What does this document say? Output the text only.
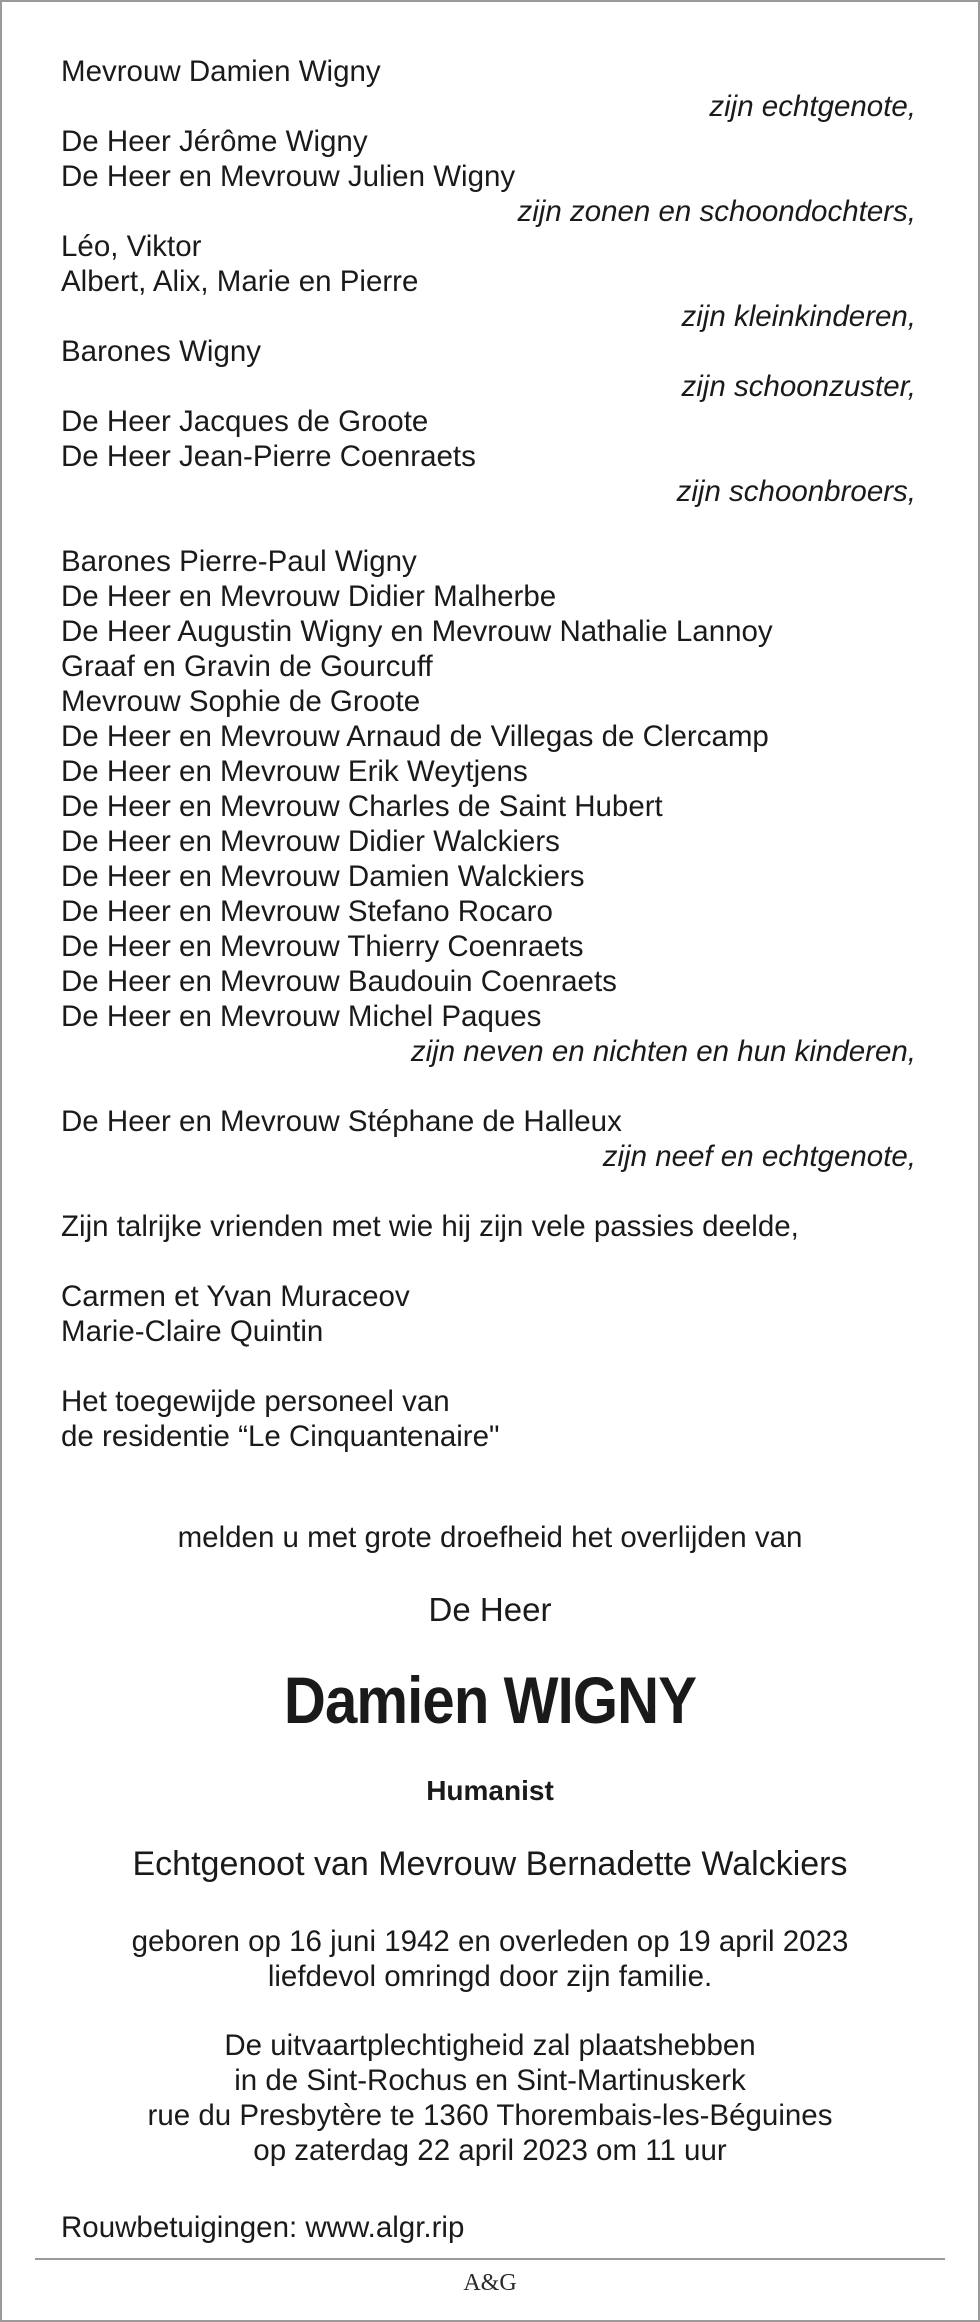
Mevrouw Damien Wigny
zijn echtgenote,
De Heer Jérôme Wigny
De Heer en Mevrouw Julien Wigny
zijn zonen en schoondochters,
Léo, Viktor
Albert, Alix, Marie en Pierre
zijn kleinkinderen,
Barones Wigny
zijn schoonzuster,
De Heer Jacques de Groote
De Heer Jean-Pierre Coenraets
zijn schoonbroers,
Barones Pierre-Paul Wigny
De Heer en Mevrouw Didier Malherbe
De Heer Augustin Wigny en Mevrouw Nathalie Lannoy
Graaf en Gravin de Gourcuff
Mevrouw Sophie de Groote
De Heer en Mevrouw Arnaud de Villegas de Clercamp
De Heer en Mevrouw Erik Weytjens
De Heer en Mevrouw Charles de Saint Hubert
De Heer en Mevrouw Didier Walckiers
De Heer en Mevrouw Damien Walckiers
De Heer en Mevrouw Stefano Rocaro
De Heer en Mevrouw Thierry Coenraets
De Heer en Mevrouw Baudouin Coenraets
De Heer en Mevrouw Michel Paques
zijn neven en nichten en hun kinderen,
De Heer en Mevrouw Stéphane de Halleux
zijn neef en echtgenote,
Zijn talrijke vrienden met wie hij zijn vele passies deelde,
Carmen et Yvan Muraceov
Marie-Claire Quintin
Het toegewijde personeel van
de residentie “Le Cinquantenaire"
melden u met grote droefheid het overlijden van
De Heer
Damien WIGNY
Humanist
Echtgenoot van Mevrouw Bernadette Walckiers
geboren op 16 juni 1942 en overleden op 19 april 2023
liefdevol omringd door zijn familie.
De uitvaartplechtigheid zal plaatshebben
in de Sint-Rochus en Sint-Martinuskerk
rue du Presbytère te 1360 Thorembais-les-Béguines
op zaterdag 22 april 2023 om 11 uur
Rouwbetuigingen: www.algr.rip
A&G
